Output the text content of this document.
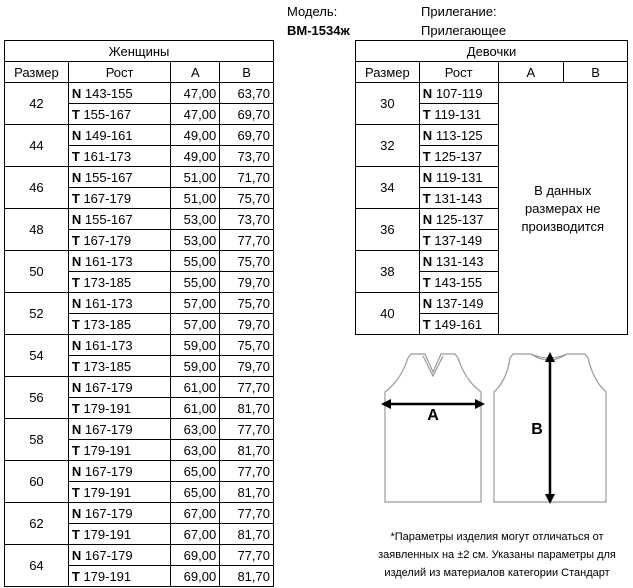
Модель:
BM-1534ж
Прилегание:
Прилегающее
Женщины			
Размер	Рост	A	B
42	N 143-155	47,00	63,70
	T 155-167	47,00	69,70
44	N 149-161	49,00	69,70
	T 161-173	49,00	73,70
46	N 155-167	51,00	71,70
	T 167-179	51,00	75,70
48	N 155-167	53,00	73,70
	T 167-179	53,00	77,70
50	N 161-173	55,00	75,70
	T 173-185	55,00	79,70
52	N 161-173	57,00	75,70
	T 173-185	57,00	79,70
54	N 161-173	59,00	75,70
	T 173-185	59,00	79,70
56	N 167-179	61,00	77,70
	T 179-191	61,00	81,70
58	N 167-179	63,00	77,70
	T 179-191	63,00	81,70
60	N 167-179	65,00	77,70
	T 179-191	65,00	81,70
62	N 167-179	67,00	77,70
	T 179-191	67,00	81,70
64	N 167-179	69,00	77,70
	T 179-191	69,00	81,70
Девочки			
Размер	Рост	A	B
30	N 107-119	В данных размерах не производится	
	T 119-131		
32	N 113-125		
	T 125-137		
34	N 119-131		
	T 131-143		
36	N 125-137		
	T 137-149		
38	N 131-143		
	T 143-155		
40	N 137-149		
	T 149-161		
A
B
*Параметры изделия могут отличаться от заявленных на ±2 см. Указаны параметры для изделий из материалов категории Стандарт
